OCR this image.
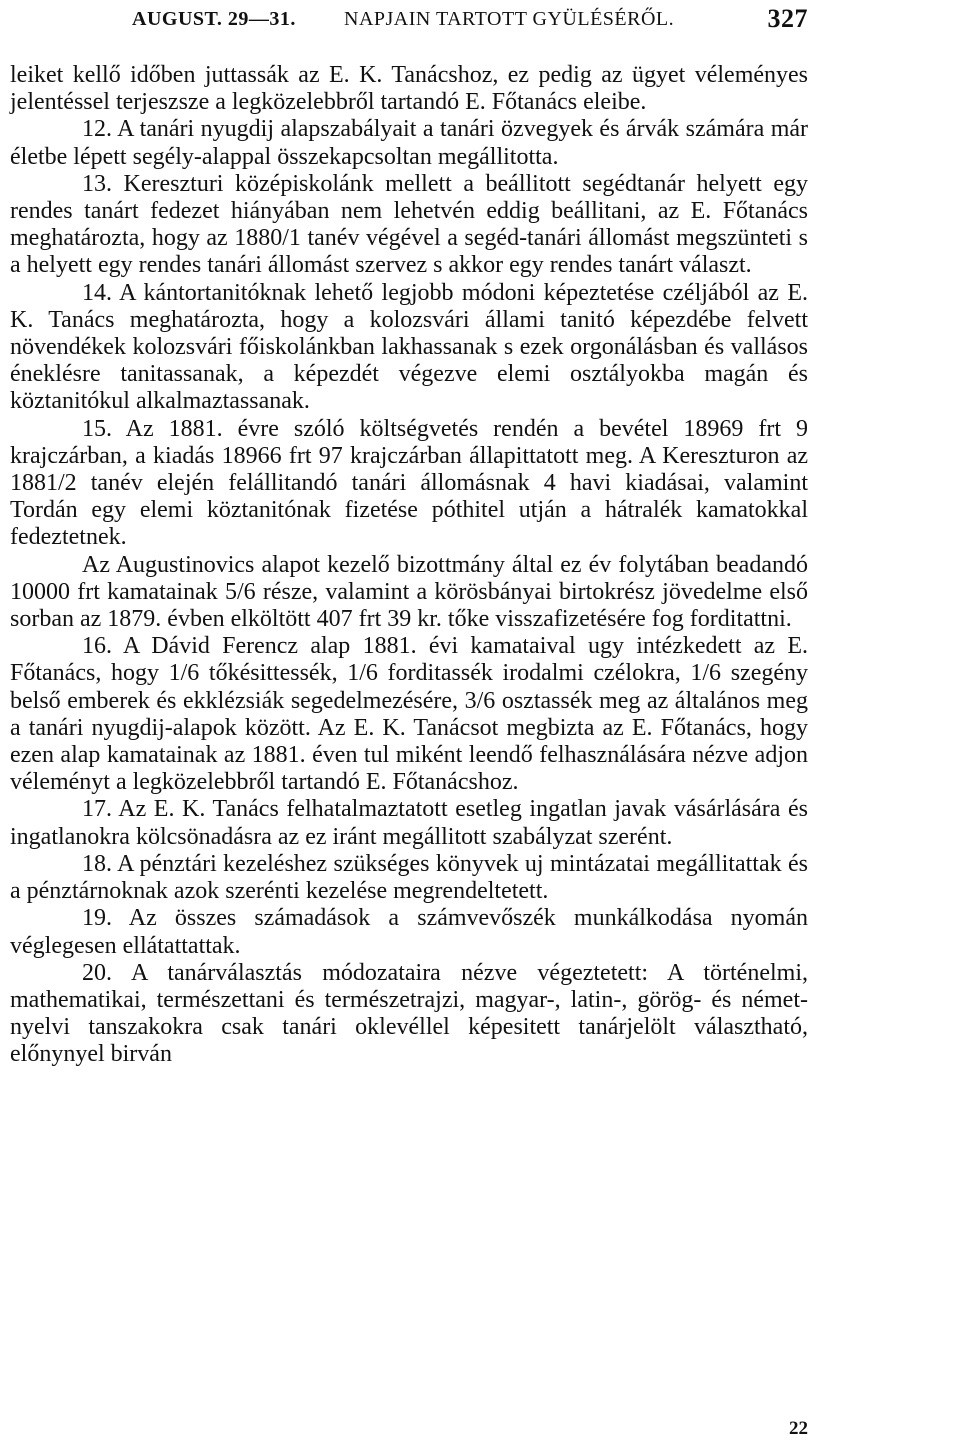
AUGUST. 29—31. NAPJAIN TARTOTT GYÜLÉSÉRŐL.	327

leiket kellő időben juttassák az E. K. Tanácshoz, ez pedig az ügyet véleményes jelentéssel terjeszsze a legközelebbről tartandó E. Főtanács eleibe.

12. A tanári nyugdij alapszabályait a tanári özvegyek és árvák számára már életbe lépett segély-alappal összekapcsoltan megállitotta.

13. Kereszturi középiskolánk mellett a beállitott segédtanár helyett egy rendes tanárt fedezet hiányában nem lehetvén eddig beállitani, az E. Főtanács meghatározta, hogy az 1880/1 tanév végével a segéd-tanári állomást megszünteti s a helyett egy rendes tanári állomást szervez s akkor egy rendes tanárt választ.

14. A kántortanitóknak lehető legjobb módoni képeztetése czéljából az E. K. Tanács meghatározta, hogy a kolozsvári állami tanitó képezdébe felvett növendékek kolozsvári főiskolánkban lakhassanak s ezek orgonálásban és vallásos éneklésre tanitassanak, a képezdét végezve elemi osztályokba magán és köztanitókul alkalmaztassanak.

15. Az 1881. évre szóló költségvetés rendén a bevétel 18969 frt 9 krajczárban, a kiadás 18966 frt 97 krajczárban állapittatott meg. A Kereszturon az 1881/2 tanév elején felállitandó tanári állomásnak 4 havi kiadásai, valamint Tordán egy elemi köztanitónak fizetése póthitel utján a hátralék kamatokkal fedeztetnek.

Az Augustinovics alapot kezelő bizottmány által ez év folytában beadandó 10000 frt kamatainak 5/6 része, valamint a körösbányai birtokrész jövedelme első sorban az 1879. évben elköltött 407 frt 39 kr. tőke visszafizetésére fog forditattni.

16. A Dávid Ferencz alap 1881. évi kamataival ugy intézkedett az E. Főtanács, hogy 1/6 tőkésittessék, 1/6 forditassék irodalmi czélokra, 1/6 szegény belső emberek és ekklézsiák segedelmezésére, 3/6 osztassék meg az általános meg a tanári nyugdij-alapok között. Az E. K. Tanácsot megbizta az E. Főtanács, hogy ezen alap kamatainak az 1881. éven tul miként leendő felhasználására nézve adjon véleményt a legközelebbről tartandó E. Főtanácshoz.

17. Az E. K. Tanács felhatalmaztatott esetleg ingatlan javak vásárlására és ingatlanokra kölcsönadásra az ez iránt megállitott szabályzat szerént.

18. A pénztári kezeléshez szükséges könyvek uj mintázatai megállitattak és a pénztárnoknak azok szerénti kezelése megrendeltetett.

19. Az összes számadások a számvevőszék munkálkodása nyomán véglegesen ellátattattak.

20. A tanárválasztás módozataira nézve végeztetett: A történelmi, mathematikai, természettani és természetrajzi, magyar-, latin-, görög- és német-nyelvi tanszakokra csak tanári oklevéllel képesitett tanárjelölt választható, előnynyel birván

22
